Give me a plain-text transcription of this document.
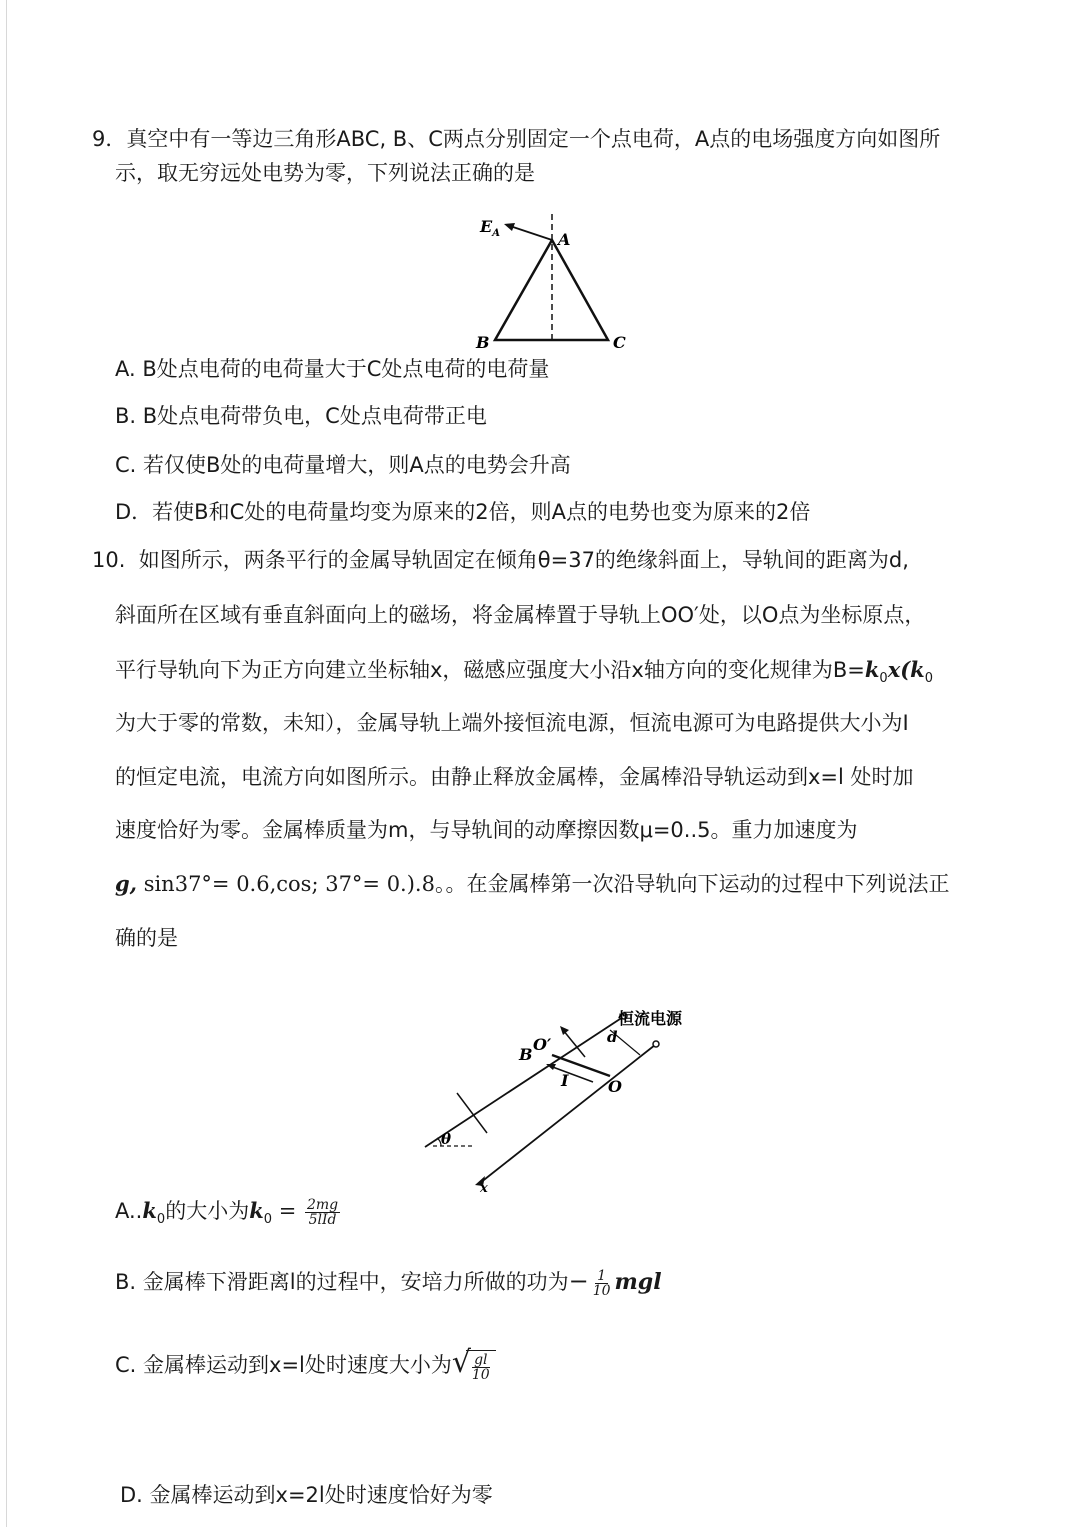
9．真空中有一等边三角形ABC, B、C两点分别固定一个点电荷，A点的电场强度方向如图所
示，取无穷远处电势为零，下列说法正确的是
$E_A$	A
B	C
A. B处点电荷的电荷量大于C处点电荷的电荷量
B. B处点电荷带负电，C处点电荷带正电
C. 若仅使B处的电荷量增大，则A点的电势会升高
D．若使B和C处的电荷量均变为原来的2倍，则A点的电势也变为原来的2倍
10. 如图所示，两条平行的金属导轨固定在倾角θ=37的绝缘斜面上，导轨间的距离为d,
斜面所在区域有垂直斜面向上的磁场，将金属棒置于导轨上OO′处，以O点为坐标原点，
平行导轨向下为正方向建立坐标轴x，磁感应强度大小沿x轴方向的变化规律为$B=k_0x(k_0$
为大于零的常数，未知），金属导轨上端外接恒流电源，恒流电源可为电路提供大小为I
的恒定电流，电流方向如图所示。由静止释放金属棒，金属棒沿导轨运动到x=l 处时加
速度恰好为零。金属棒质量为m，与导轨间的动摩擦因数μ=0..5。重力加速度为
g, sin37°= 0.6,cos; 37°= 0.).8。。在金属棒第一次沿导轨向下运动的过程中下列说法正
确的是
恒流电源
d
O′
B
I O
θ
x
$A..k_0$的大小为$k_0 = \frac{2mg}{\text{5lId}}$
B. 金属棒下滑距离l的过程中，安培力所做的功为− $\frac{1}{10}$ mgl
C. 金属棒运动到x=l处时速度大小为 √
$\frac{gl}{10}$
D. 金属棒运动到x=2l处时速度恰好为零
